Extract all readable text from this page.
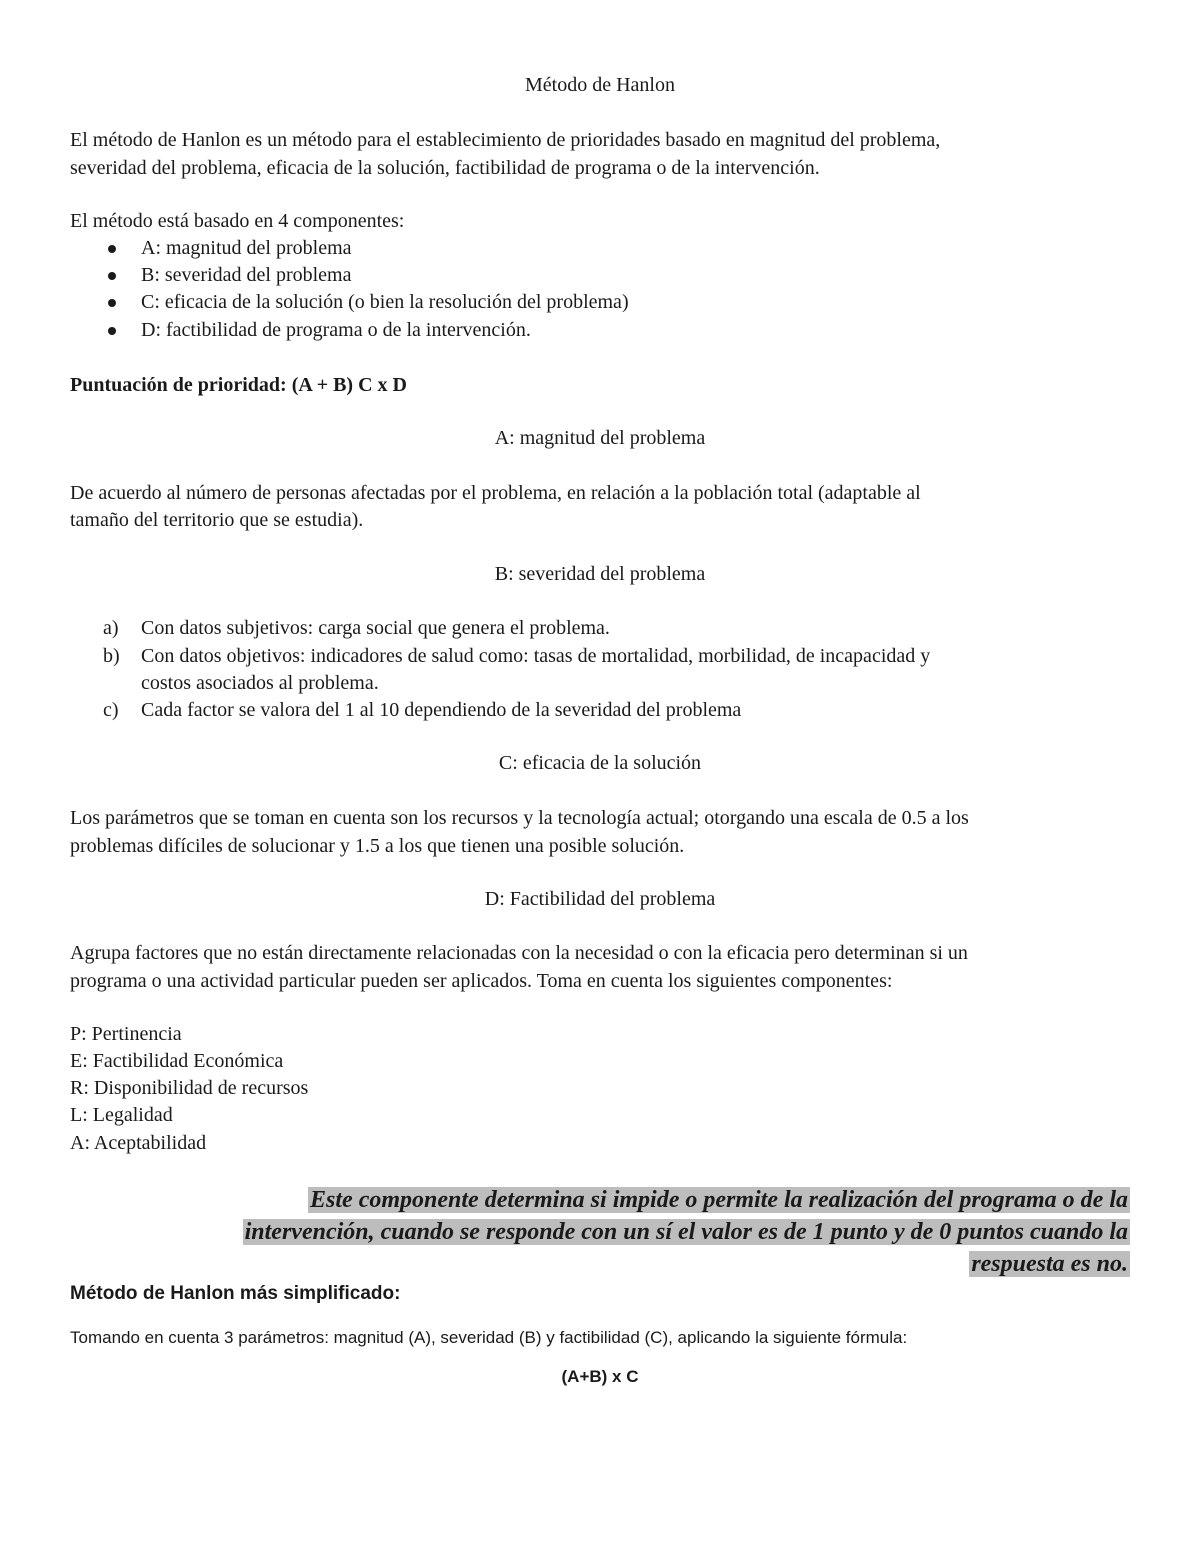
Método de Hanlon
El método de Hanlon es un método para el establecimiento de prioridades basado en magnitud del problema,
severidad del problema, eficacia de la solución, factibilidad de programa o de la intervención.
El método está basado en 4 componentes:
A: magnitud del problema
B: severidad del problema
C: eficacia de la solución (o bien la resolución del problema)
D: factibilidad de programa o de la intervención.
Puntuación de prioridad: (A + B) C x D
A: magnitud del problema
De acuerdo al número de personas afectadas por el problema, en relación a la población total (adaptable al
tamaño del territorio que se estudia).
B: severidad del problema
a) Con datos subjetivos: carga social que genera el problema.
b) Con datos objetivos: indicadores de salud como: tasas de mortalidad, morbilidad, de incapacidad y
costos asociados al problema.
c) Cada factor se valora del 1 al 10 dependiendo de la severidad del problema
C: eficacia de la solución
Los parámetros que se toman en cuenta son los recursos y la tecnología actual; otorgando una escala de 0.5 a los
problemas difíciles de solucionar y 1.5 a los que tienen una posible solución.
D: Factibilidad del problema
Agrupa factores que no están directamente relacionadas con la necesidad o con la eficacia pero determinan si un
programa o una actividad particular pueden ser aplicados. Toma en cuenta los siguientes componentes:
P: Pertinencia
E: Factibilidad Económica
R: Disponibilidad de recursos
L: Legalidad
A: Aceptabilidad
Este componente determina si impide o permite la realización del programa o de la
intervención, cuando se responde con un sí el valor es de 1 punto y de 0 puntos cuando la
respuesta es no.
Método de Hanlon más simplificado:
Tomando en cuenta 3 parámetros: magnitud (A), severidad (B) y factibilidad (C), aplicando la siguiente fórmula:
(A+B) x C
